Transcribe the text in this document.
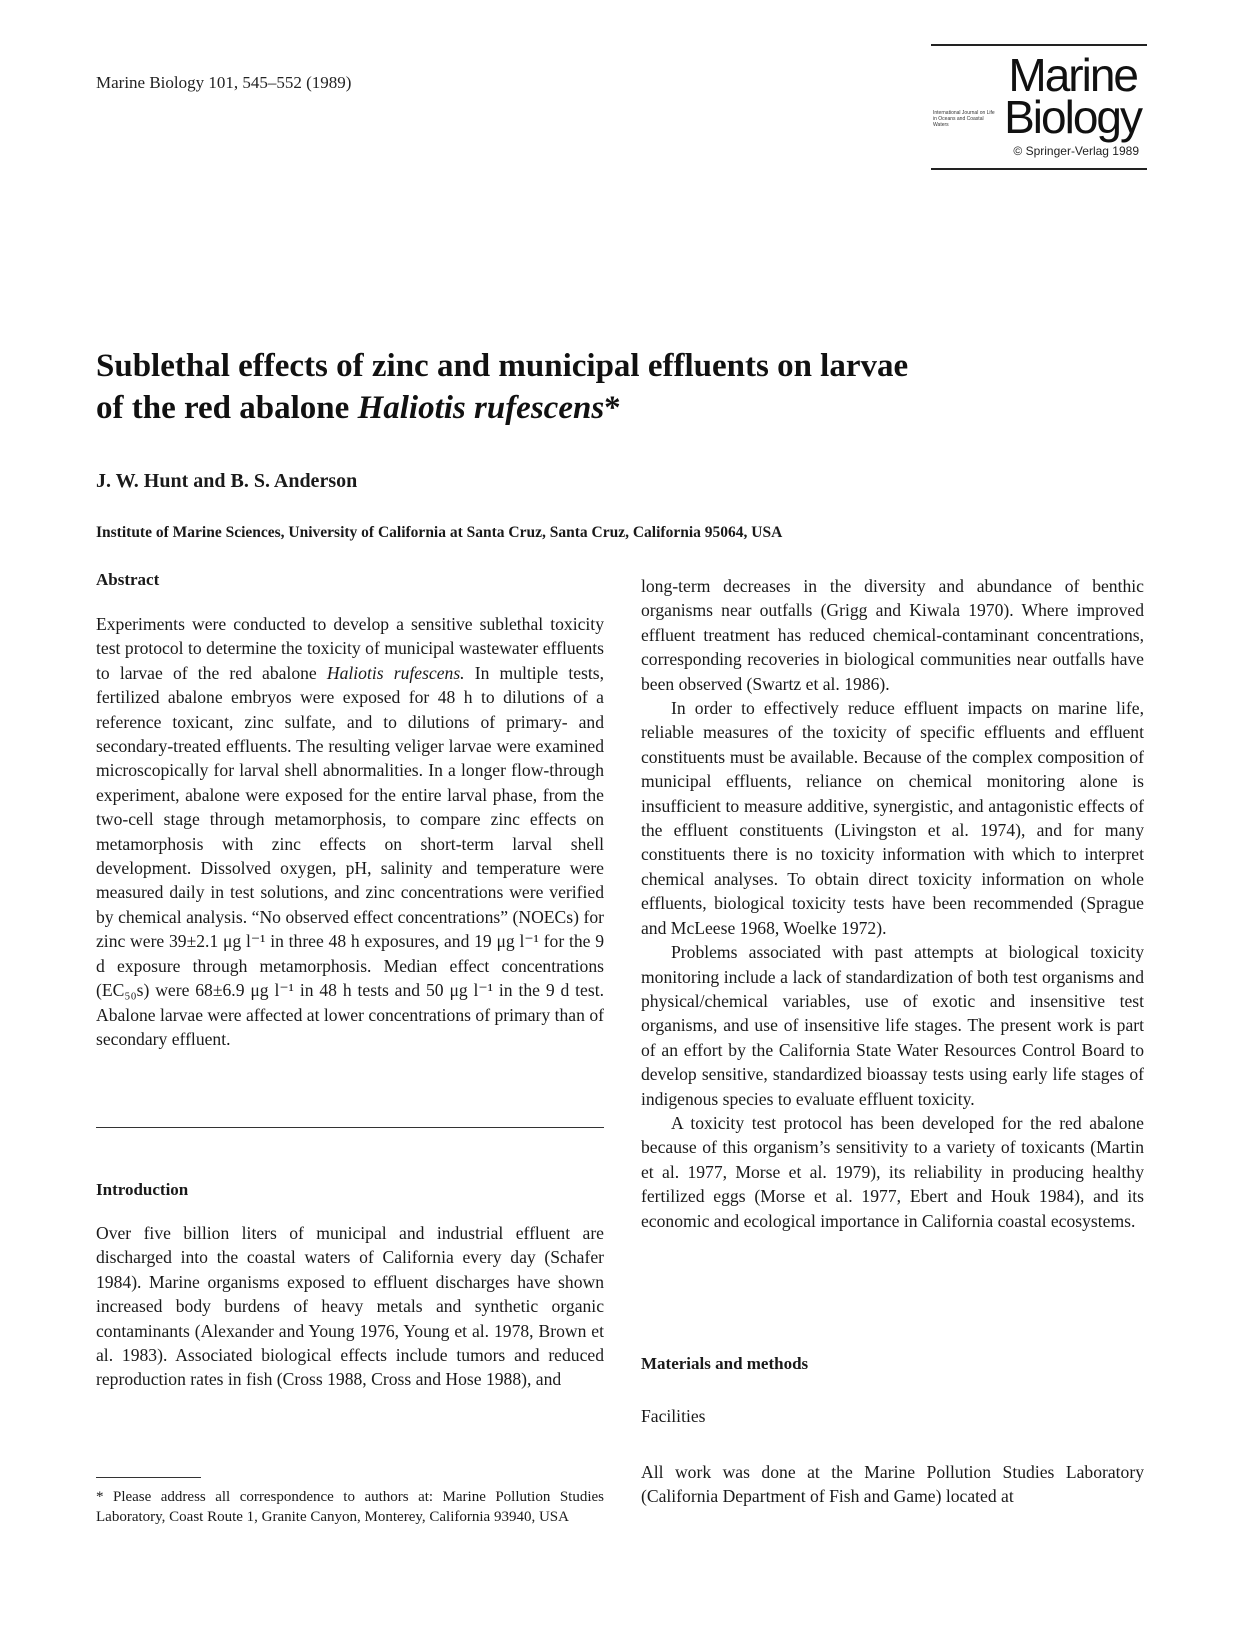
Marine Biology 101, 545–552 (1989)	Marine
International Journal on Life in Oceans and Coastal Waters	Biology
© Springer-Verlag 1989
Sublethal effects of zinc and municipal effluents on larvae
of the red abalone Haliotis rufescens*
J. W. Hunt and B. S. Anderson
Institute of Marine Sciences, University of California at Santa Cruz, Santa Cruz, California 95064, USA
Abstract

Experiments were conducted to develop a sensitive sublethal toxicity test protocol to determine the toxicity of municipal wastewater effluents to larvae of the red abalone Haliotis rufescens. In multiple tests, fertilized abalone embryos were exposed for 48 h to dilutions of a reference toxicant, zinc sulfate, and to dilutions of primary- and secondary-treated effluents. The resulting veliger larvae were examined microscopically for larval shell abnormalities. In a longer flow-through experiment, abalone were exposed for the entire larval phase, from the two-cell stage through metamorphosis, to compare zinc effects on metamorphosis with zinc effects on short-term larval shell development. Dissolved oxygen, pH, salinity and temperature were measured daily in test solutions, and zinc concentrations were verified by chemical analysis. “No observed effect concentrations” (NOECs) for zinc were 39±2.1 μg l⁻¹ in three 48 h exposures, and 19 μg l⁻¹ for the 9 d exposure through metamorphosis. Median effect concentrations (EC₅₀s) were 68±6.9 μg l⁻¹ in 48 h tests and 50 μg l⁻¹ in the 9 d test. Abalone larvae were affected at lower concentrations of primary than of secondary effluent.

Introduction

Over five billion liters of municipal and industrial effluent are discharged into the coastal waters of California every day (Schafer 1984). Marine organisms exposed to effluent discharges have shown increased body burdens of heavy metals and synthetic organic contaminants (Alexander and Young 1976, Young et al. 1978, Brown et al. 1983). Associated biological effects include tumors and reduced reproduction rates in fish (Cross 1988, Cross and Hose 1988), and

* Please address all correspondence to authors at: Marine Pollution Studies Laboratory, Coast Route 1, Granite Canyon, Monterey, California 93940, USA

long-term decreases in the diversity and abundance of benthic organisms near outfalls (Grigg and Kiwala 1970). Where improved effluent treatment has reduced chemical-contaminant concentrations, corresponding recoveries in biological communities near outfalls have been observed (Swartz et al. 1986).

In order to effectively reduce effluent impacts on marine life, reliable measures of the toxicity of specific effluents and effluent constituents must be available. Because of the complex composition of municipal effluents, reliance on chemical monitoring alone is insufficient to measure additive, synergistic, and antagonistic effects of the effluent constituents (Livingston et al. 1974), and for many constituents there is no toxicity information with which to interpret chemical analyses. To obtain direct toxicity information on whole effluents, biological toxicity tests have been recommended (Sprague and McLeese 1968, Woelke 1972).

Problems associated with past attempts at biological toxicity monitoring include a lack of standardization of both test organisms and physical/chemical variables, use of exotic and insensitive test organisms, and use of insensitive life stages. The present work is part of an effort by the California State Water Resources Control Board to develop sensitive, standardized bioassay tests using early life stages of indigenous species to evaluate effluent toxicity.

A toxicity test protocol has been developed for the red abalone because of this organism’s sensitivity to a variety of toxicants (Martin et al. 1977, Morse et al. 1979), its reliability in producing healthy fertilized eggs (Morse et al. 1977, Ebert and Houk 1984), and its economic and ecological importance in California coastal ecosystems.

Materials and methods
Facilities

All work was done at the Marine Pollution Studies Laboratory (California Department of Fish and Game) located at
